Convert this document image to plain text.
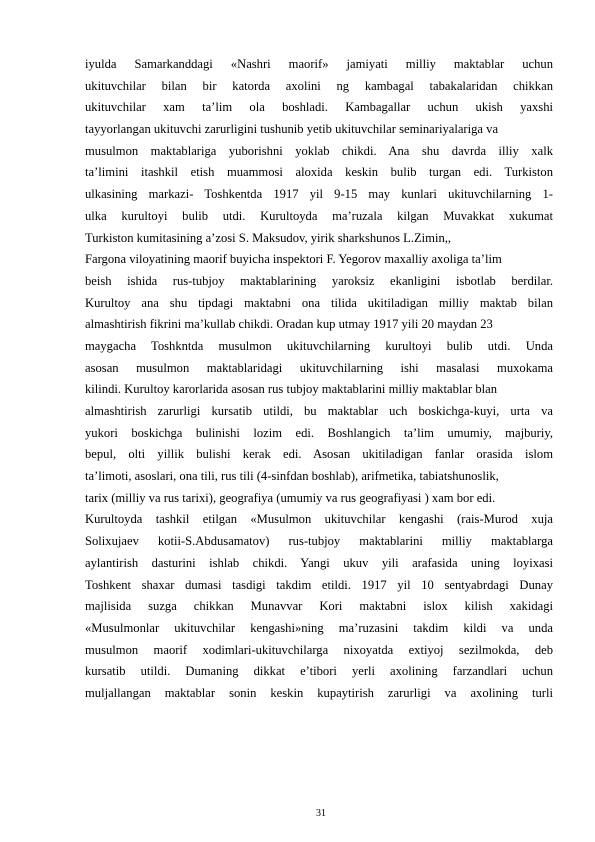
iyulda Samarkanddagi «Nashri maorif» jamiyati milliy maktablar uchun
ukituvchilar bilan bir katorda axolini ng kambagal tabakalaridan chikkan
ukituvchilar xam ta’lim ola boshladi. Kambagallar uchun ukish yaxshi
tayyorlangan ukituvchi zarurligini tushunib yetib ukituvchilar seminariyalariga va
musulmon maktablariga yuborishni yoklab chikdi. Ana shu davrda illiy xalk
ta’limini itashkil etish muammosi aloxida keskin bulib turgan edi. Turkiston
ulkasining markazi- Toshkentda 1917 yil 9-15 may kunlari ukituvchilarning 1-
ulka kurultoyi bulib utdi. Kurultoyda ma’ruzala kilgan Muvakkat xukumat
Turkiston kumitasining a’zosi S. Maksudov, yirik sharkshunos L.Zimin,,
Fargona viloyatining maorif buyicha inspektori F. Yegorov maxalliy axoliga ta’lim
beish ishida rus-tubjoy maktablarining yaroksiz ekanligini isbotlab berdilar.
Kurultoy ana shu tipdagi maktabni ona tilida ukitiladigan milliy maktab bilan
almashtirish fikrini ma’kullab chikdi. Oradan kup utmay 1917 yili 20 maydan 23
maygacha Toshkntda musulmon ukituvchilarning kurultoyi bulib utdi. Unda
asosan musulmon maktablaridagi ukituvchilarning ishi masalasi muxokama
kilindi. Kurultoy karorlarida asosan rus tubjoy maktablarini milliy maktablar blan
almashtirish zarurligi kursatib utildi, bu maktablar uch boskichga-kuyi, urta va
yukori boskichga bulinishi lozim edi. Boshlangich ta’lim umumiy, majburiy,
bepul, olti yillik bulishi kerak edi. Asosan ukitiladigan fanlar orasida islom
ta’limoti, asoslari, ona tili, rus tili (4-sinfdan boshlab), arifmetika, tabiatshunoslik,
tarix (milliy va rus tarixi), geografiya (umumiy va rus geografiyasi ) xam bor edi.
Kurultoyda tashkil etilgan «Musulmon ukituvchilar kengashi (rais-Murod xuja
Solixujaev kotii-S.Abdusamatov) rus-tubjoy maktablarini milliy maktablarga
aylantirish dasturini ishlab chikdi. Yangi ukuv yili arafasida uning loyixasi
Toshkent shaxar dumasi tasdigi takdim etildi. 1917 yil 10 sentyabrdagi Dunay
majlisida suzga chikkan Munavvar Kori maktabni islox kilish xakidagi
«Musulmonlar ukituvchilar kengashi»ning ma’ruzasini takdim kildi va unda
musulmon maorif xodimlari-ukituvchilarga nixoyatda extiyoj sezilmokda, deb
kursatib utildi. Dumaning dikkat e’tibori yerli axolining farzandlari uchun
muljallangan maktablar sonin keskin kupaytirish zarurligi va axolining turli
31
